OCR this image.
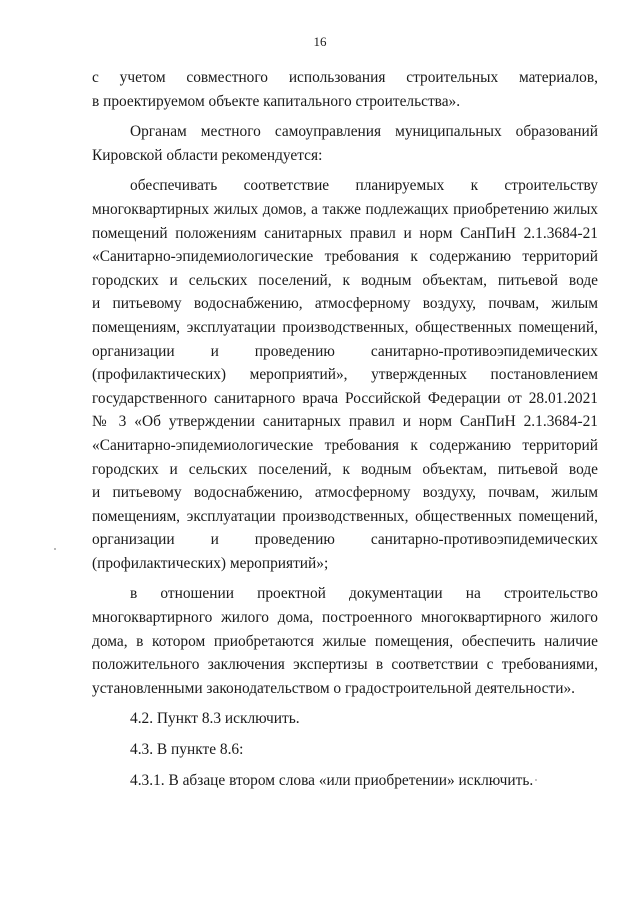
16
с учетом совместного использования строительных материалов,
в проектируемом объекте капитального строительства».
Органам местного самоуправления муниципальных образований
Кировской области рекомендуется:
обеспечивать соответствие планируемых к строительству
многоквартирных жилых домов, а также подлежащих приобретению жилых
помещений положениям санитарных правил и норм СанПиН 2.1.3684-21
«Санитарно-эпидемиологические требования к содержанию территорий
городских и сельских поселений, к водным объектам, питьевой воде
и питьевому водоснабжению, атмосферному воздуху, почвам, жилым
помещениям, эксплуатации производственных, общественных помещений,
организации и проведению санитарно-противоэпидемических
(профилактических) мероприятий», утвержденных постановлением
государственного санитарного врача Российской Федерации от 28.01.2021
№ 3 «Об утверждении санитарных правил и норм СанПиН 2.1.3684-21
«Санитарно-эпидемиологические требования к содержанию территорий
городских и сельских поселений, к водным объектам, питьевой воде
и питьевому водоснабжению, атмосферному воздуху, почвам, жилым
помещениям, эксплуатации производственных, общественных помещений,
организации и проведению санитарно-противоэпидемических
(профилактических) мероприятий»;
в отношении проектной документации на строительство
многоквартирного жилого дома, построенного многоквартирного жилого
дома, в котором приобретаются жилые помещения, обеспечить наличие
положительного заключения экспертизы в соответствии с требованиями,
установленными законодательством о градостроительной деятельности».
4.2. Пункт 8.3 исключить.
4.3. В пункте 8.6:
4.3.1. В абзаце втором слова «или приобретении» исключить.
